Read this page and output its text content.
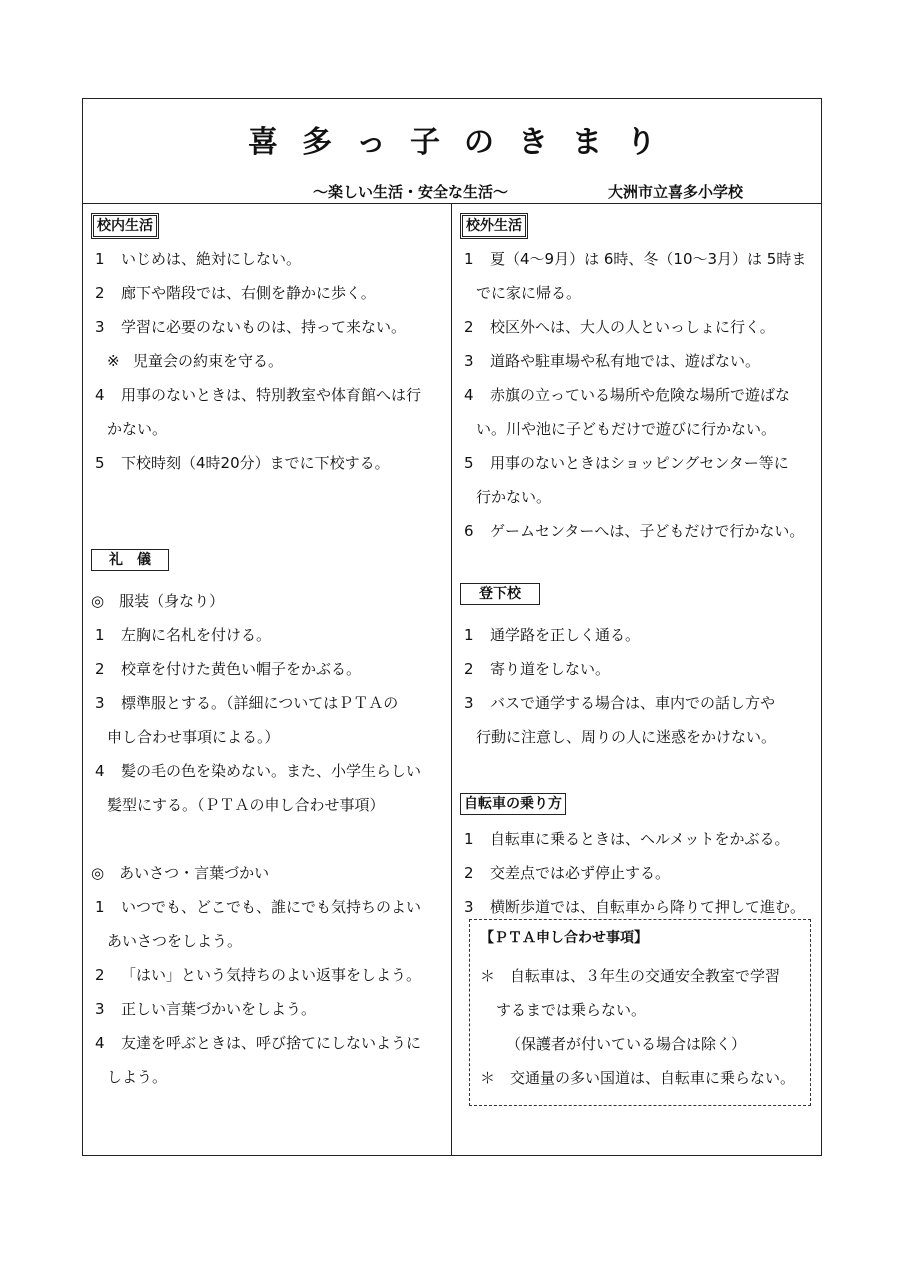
喜 多 っ 子 の き ま り
～楽しい生活・安全な生活～	大洲市立喜多小学校
校内生活
1 いじめは、絶対にしない。
2 廊下や階段では、右側を静かに歩く。
3 学習に必要のないものは、持って来ない。
※ 児童会の約束を守る。
4 用事のないときは、特別教室や体育館へは行
かない。
5 下校時刻（4時20分）までに下校する。
礼　儀
◎　服装（身なり）
1 左胸に名札を付ける。
2 校章を付けた黄色い帽子をかぶる。
3 標準服とする。（詳細についてはＰＴＡの
申し合わせ事項による。）
4 髪の毛の色を染めない。また、小学生らしい
髪型にする。（ＰＴＡの申し合わせ事項）
◎　あいさつ・言葉づかい
1 いつでも、どこでも、誰にでも気持ちのよい
あいさつをしよう。
2 「はい」という気持ちのよい返事をしよう。
3 正しい言葉づかいをしよう。
4 友達を呼ぶときは、呼び捨てにしないように
しよう。
校外生活
1 夏（4～9月）は 6時、冬（10～3月）は 5時ま
でに家に帰る。
2 校区外へは、大人の人といっしょに行く。
3 道路や駐車場や私有地では、遊ばない。
4 赤旗の立っている場所や危険な場所で遊ばな
い。川や池に子どもだけで遊びに行かない。
5 用事のないときはショッピングセンター等に
行かない。
6 ゲームセンターへは、子どもだけで行かない。
登下校
1 通学路を正しく通る。
2 寄り道をしない。
3 バスで通学する場合は、車内での話し方や
行動に注意し、周りの人に迷惑をかけない。
自転車の乗り方
1 自転車に乗るときは、ヘルメットをかぶる。
2 交差点では必ず停止する。
3 横断歩道では、自転車から降りて押して進む。
【ＰＴＡ申し合わせ事項】
＊　自転車は、３年生の交通安全教室で学習
するまでは乗らない。
（保護者が付いている場合は除く）
＊　交通量の多い国道は、自転車に乗らない。
